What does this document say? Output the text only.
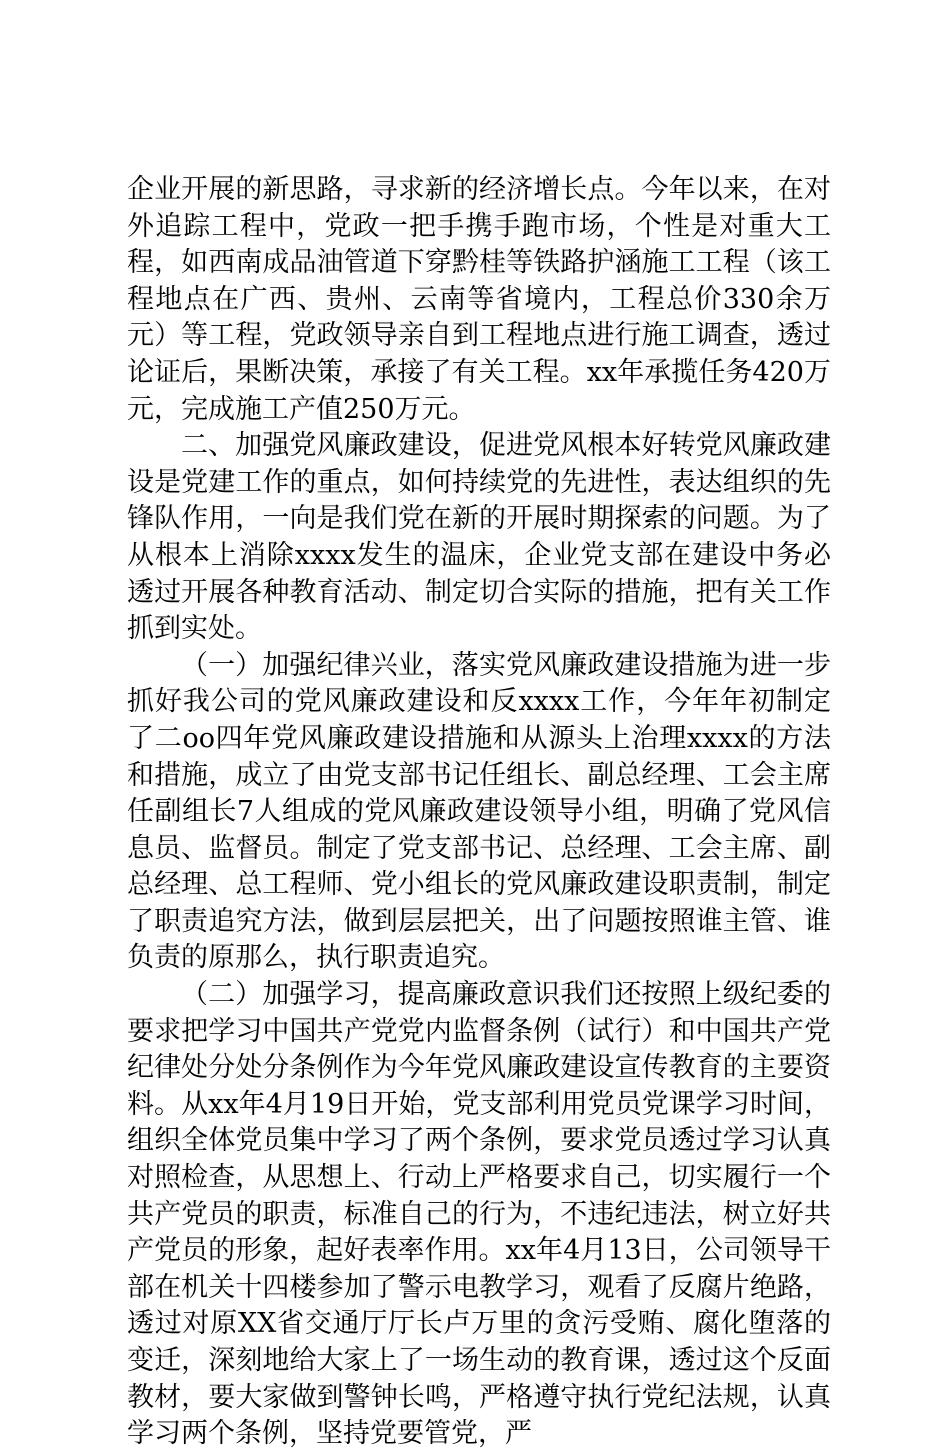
企业开展的新思路，寻求新的经济增长点。今年以来，在对外追踪工程中，党政一把手携手跑市场，个性是对重大工程，如西南成品油管道下穿黔桂等铁路护涵施工工程（该工程地点在广西、贵州、云南等省境内，工程总价330余万元）等工程，党政领导亲自到工程地点进行施工调查，透过论证后，果断决策，承接了有关工程。xx年承揽任务420万元，完成施工产值250万元。

二、加强党风廉政建设，促进党风根本好转党风廉政建设是党建工作的重点，如何持续党的先进性，表达组织的先锋队作用，一向是我们党在新的开展时期探索的问题。为了从根本上消除xxxx发生的温床，企业党支部在建设中务必透过开展各种教育活动、制定切合实际的措施，把有关工作抓到实处。

（一）加强纪律兴业，落实党风廉政建设措施为进一步抓好我公司的党风廉政建设和反xxxx工作，今年年初制定了二oo四年党风廉政建设措施和从源头上治理xxxx的方法和措施，成立了由党支部书记任组长、副总经理、工会主席任副组长7人组成的党风廉政建设领导小组，明确了党风信息员、监督员。制定了党支部书记、总经理、工会主席、副总经理、总工程师、党小组长的党风廉政建设职责制，制定了职责追究方法，做到层层把关，出了问题按照谁主管、谁负责的原那么，执行职责追究。

（二）加强学习，提高廉政意识我们还按照上级纪委的要求把学习中国共产党党内监督条例（试行）和中国共产党纪律处分处分条例作为今年党风廉政建设宣传教育的主要资料。从xx年4月19日开始，党支部利用党员党课学习时间，组织全体党员集中学习了两个条例，要求党员透过学习认真对照检查，从思想上、行动上严格要求自己，切实履行一个共产党员的职责，标准自己的行为，不违纪违法，树立好共产党员的形象，起好表率作用。xx年4月13日，公司领导干部在机关十四楼参加了警示电教学习，观看了反腐片绝路，透过对原XX省交通厅厅长卢万里的贪污受贿、腐化堕落的变迁，深刻地给大家上了一场生动的教育课，透过这个反面教材，要大家做到警钟长鸣，严格遵守执行党纪法规，认真学习两个条例，坚持党要管党，严
